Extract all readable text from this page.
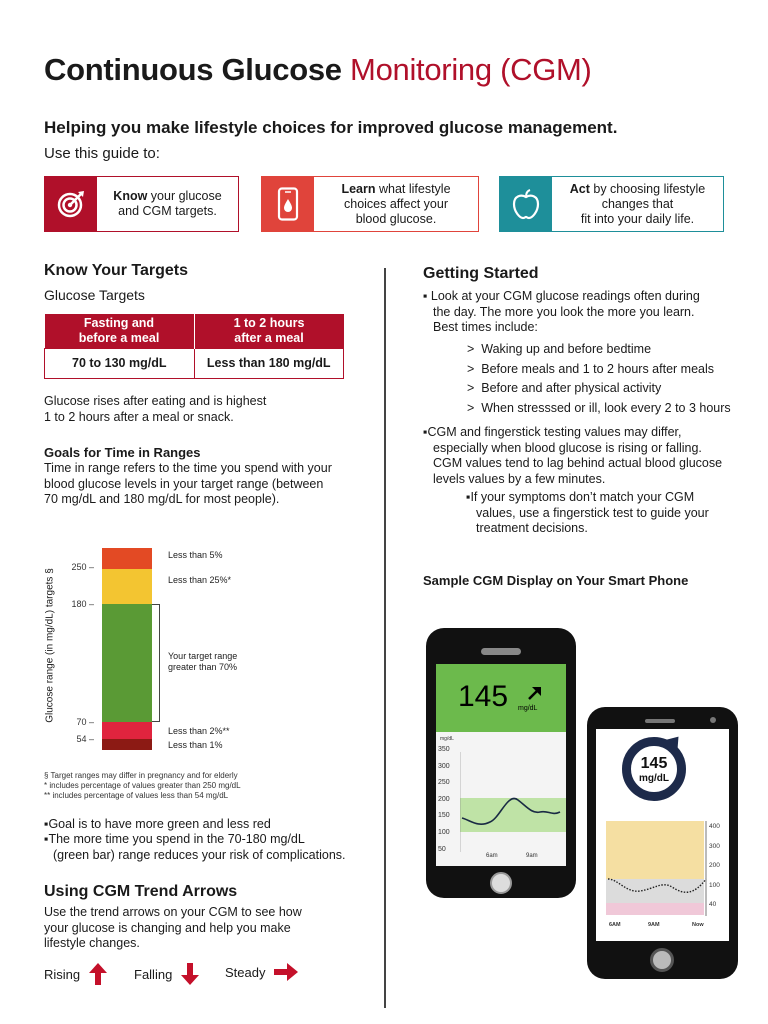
Continuous Glucose Monitoring (CGM)
Helping you make lifestyle choices for improved glucose management.
Use this guide to:
Know your glucose
and CGM targets.
Learn what lifestyle
choices affect your
blood glucose.
Act by choosing lifestyle
changes that
fit into your daily life.
Know Your Targets
Glucose Targets
Fasting and
before a meal	1 to 2 hours
after a meal
70 to 130 mg/dL	Less than 180 mg/dL
Glucose rises after eating and is highest
1 to 2 hours after a meal or snack.
Goals for Time in Ranges
Time in range refers to the time you spend with your
blood glucose levels in your target range (between
70 mg/dL and 180 mg/dL for most people).
Glucose range (in mg/dL) targets §
250 –
180 –
70 –
54 –
Less than 5%
Less than 25%*
Your target range
greater than 70%
Less than 2%**
Less than 1%
§ Target ranges may differ in pregnancy and for elderly
* includes percentage of values greater than 250 mg/dL
** includes percentage of values less than 54 mg/dL
▪Goal is to have more green and less red
▪The more time you spend in the 70-180 mg/dL
(green bar) range reduces your risk of complications.
Using CGM Trend Arrows
Use the trend arrows on your CGM to see how
your glucose is changing and help you make
lifestyle changes.
Rising	Falling	Steady
Getting Started
▪ Look at your CGM glucose readings often during
the day. The more you look the more you learn.
Best times include:
>  Waking up and before bedtime
>  Before meals and 1 to 2 hours after meals
>  Before and after physical activity
>  When stresssed or ill, look every 2 to 3 hours
▪CGM and fingerstick testing values may differ,
especially when blood glucose is rising or falling.
CGM values tend to lag behind actual blood glucose
levels values by a few minutes.
▪If your symptoms don’t match your CGM
values, use a fingerstick test to guide your
treatment decisions.
Sample CGM Display on Your Smart Phone
145 mg/dL
mg/dL
350
300
250
200
150
100
50
6am	9am
145
mg/dL
400
300
200
100
40
6AM	9AM	Now
